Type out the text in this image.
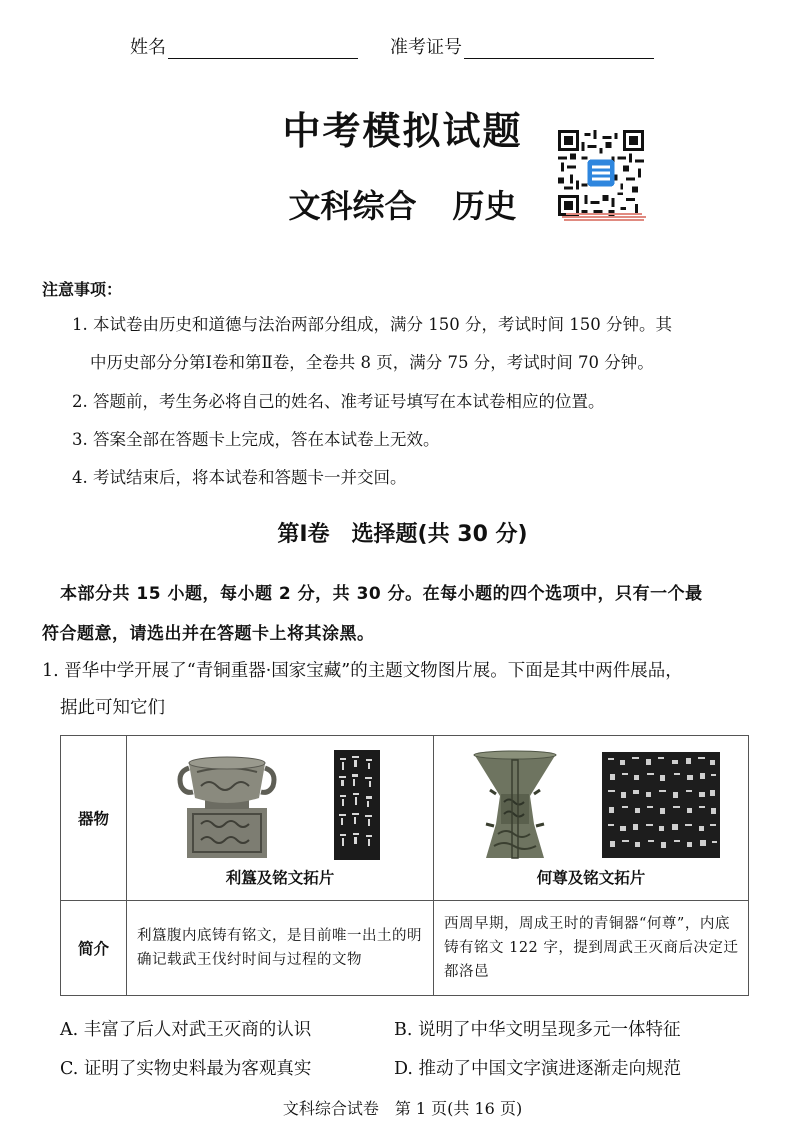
姓名	准考证号
中考模拟试题
文科综合 历史
注意事项：
1. 本试卷由历史和道德与法治两部分组成，满分 150 分，考试时间 150 分钟。其
中历史部分分第Ⅰ卷和第Ⅱ卷，全卷共 8 页，满分 75 分，考试时间 70 分钟。
2. 答题前，考生务必将自己的姓名、准考证号填写在本试卷相应的位置。
3. 答案全部在答题卡上完成，答在本试卷上无效。
4. 考试结束后，将本试卷和答题卡一并交回。
第Ⅰ卷　选择题(共 30 分)
本部分共 15 小题，每小题 2 分，共 30 分。在每小题的四个选项中，只有一个最
符合题意，请选出并在答题卡上将其涂黑。
1. 晋华中学开展了“青铜重器·国家宝藏”的主题文物图片展。下面是其中两件展品，
据此可知它们
器物	利簋及铭文拓片	何尊及铭文拓片

简介	利簋腹内底铸有铭文，是目前唯一出土的明确记载武王伐纣时间与过程的文物	西周早期，周成王时的青铜器“何尊”，内底铸有铭文 122 字，提到周武王灭商后决定迁都洛邑
A. 丰富了后人对武王灭商的认识	B. 说明了中华文明呈现多元一体特征
C. 证明了实物史料最为客观真实	D. 推动了中国文字演进逐渐走向规范
文科综合试卷　第 1 页(共 16 页)
